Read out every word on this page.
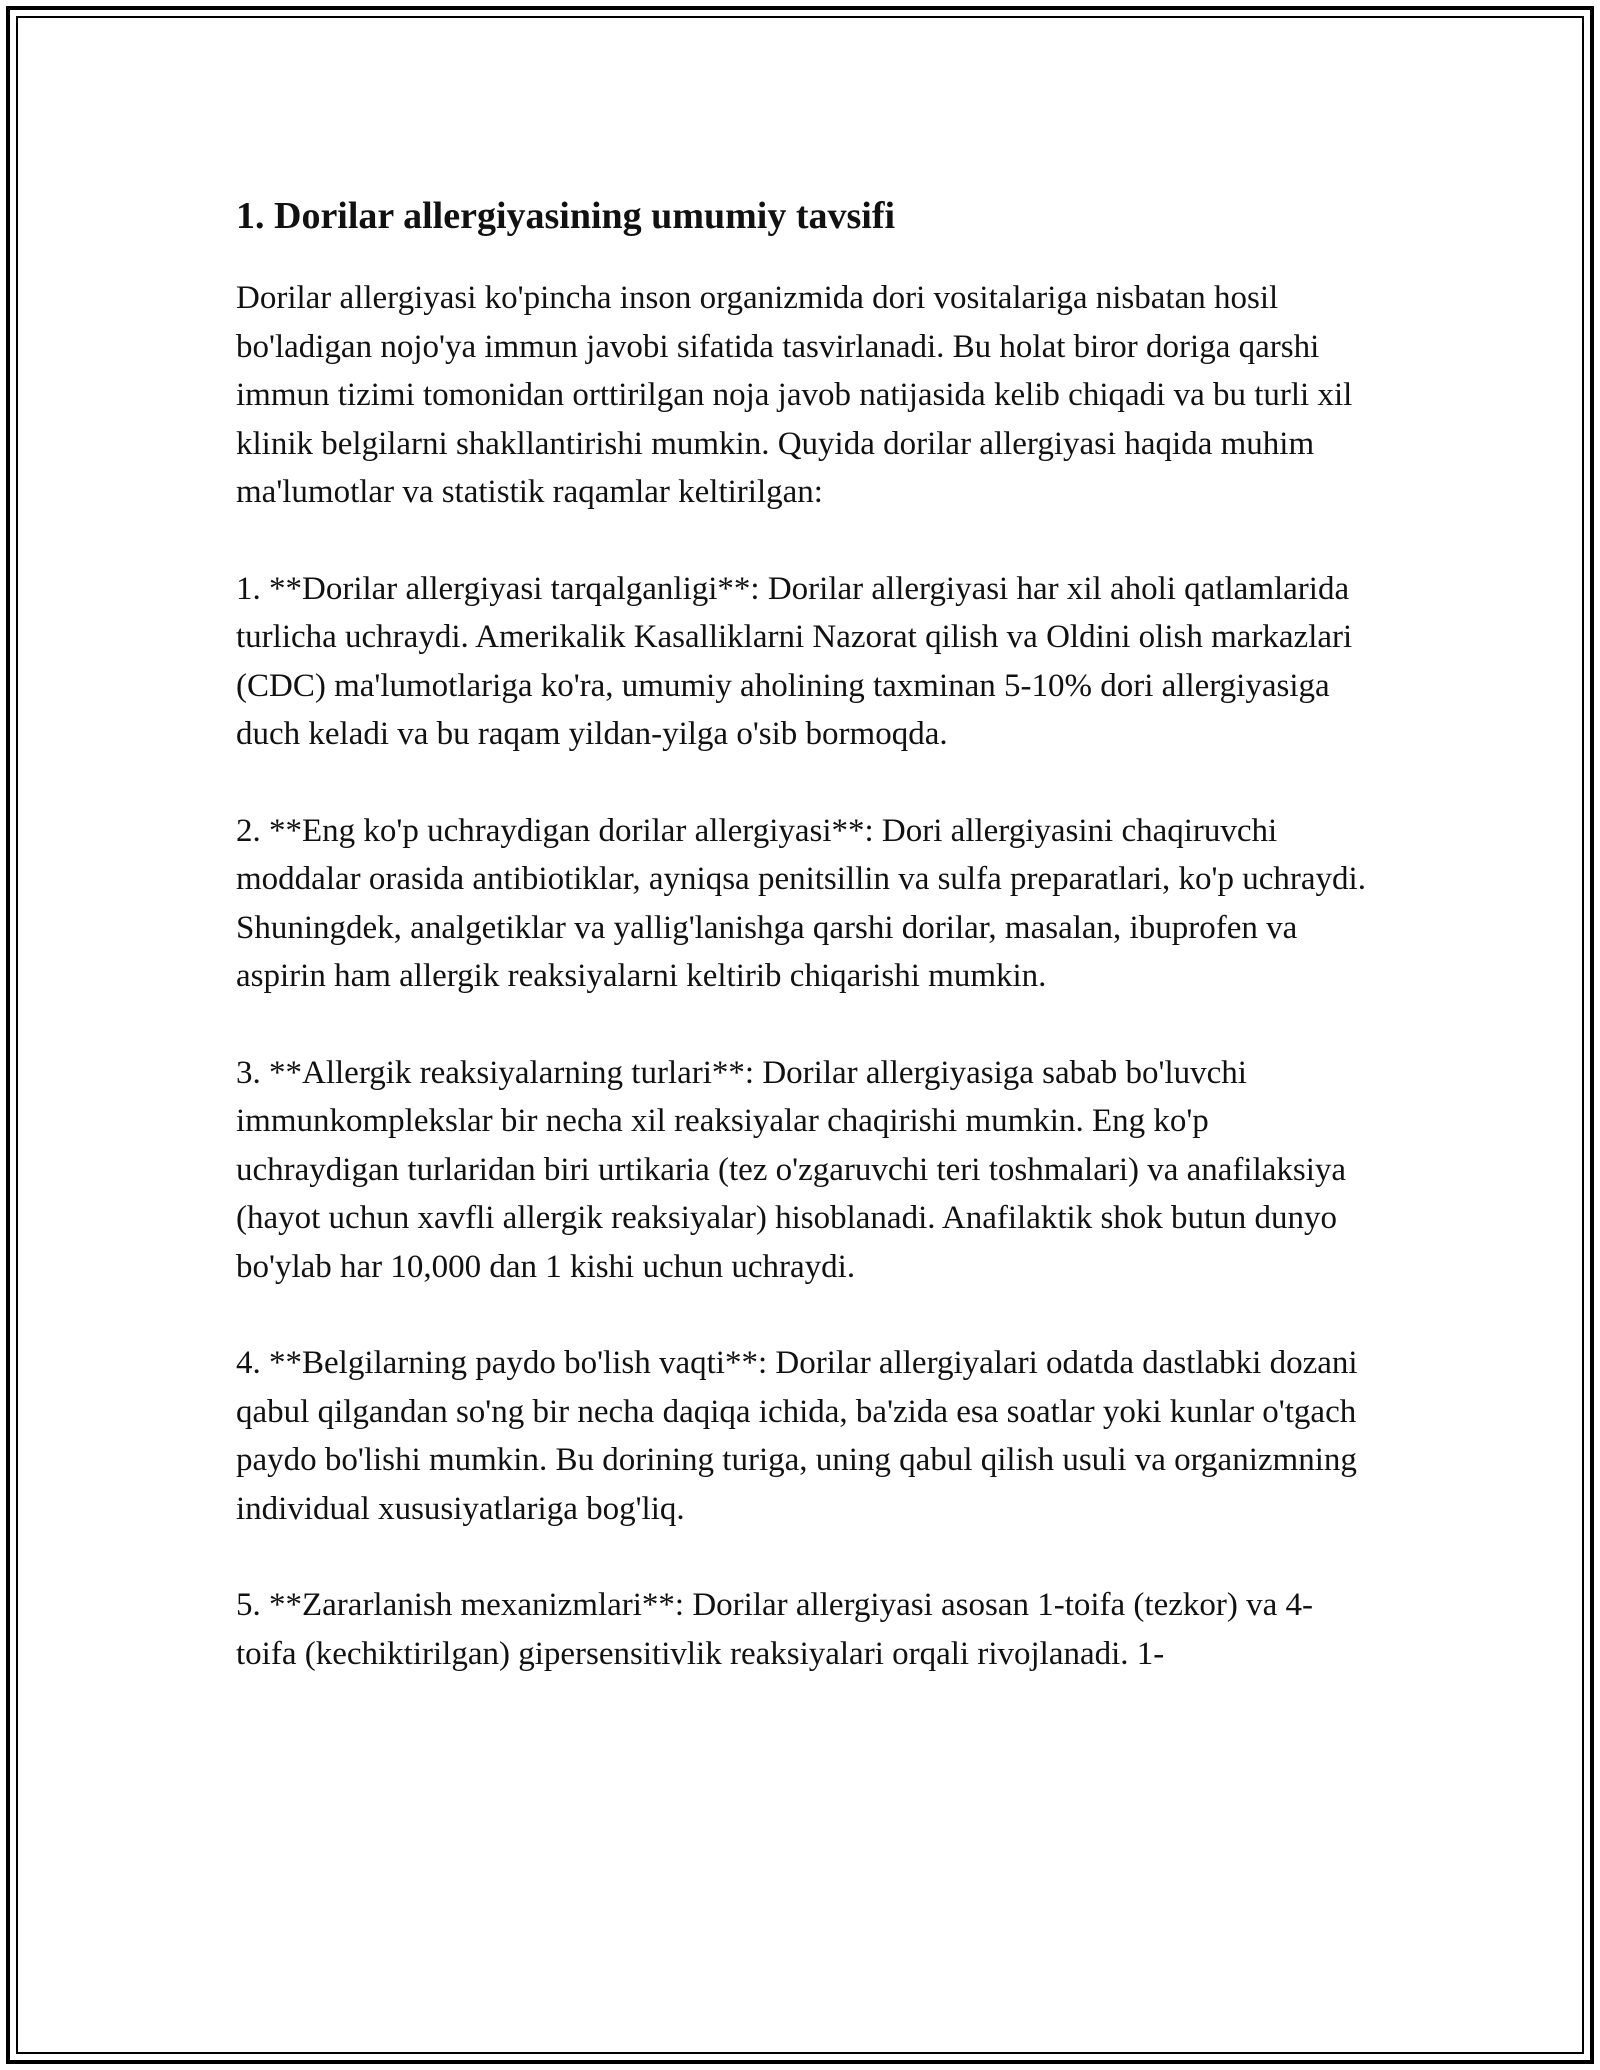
1. Dorilar allergiyasining umumiy tavsifi

Dorilar allergiyasi ko'pincha inson organizmida dori vositalariga nisbatan hosil bo'ladigan nojo'ya immun javobi sifatida tasvirlanadi. Bu holat biror doriga qarshi immun tizimi tomonidan orttirilgan noja javob natijasida kelib chiqadi va bu turli xil klinik belgilarni shakllantirishi mumkin. Quyida dorilar allergiyasi haqida muhim ma'lumotlar va statistik raqamlar keltirilgan:

1. **Dorilar allergiyasi tarqalganligi**: Dorilar allergiyasi har xil aholi qatlamlarida turlicha uchraydi. Amerikalik Kasalliklarni Nazorat qilish va Oldini olish markazlari (CDC) ma'lumotlariga ko'ra, umumiy aholining taxminan 5-10% dori allergiyasiga duch keladi va bu raqam yildan-yilga o'sib bormoqda.

2. **Eng ko'p uchraydigan dorilar allergiyasi**: Dori allergiyasini chaqiruvchi moddalar orasida antibiotiklar, ayniqsa penitsillin va sulfa preparatlari, ko'p uchraydi. Shuningdek, analgetiklar va yallig'lanishga qarshi dorilar, masalan, ibuprofen va aspirin ham allergik reaksiyalarni keltirib chiqarishi mumkin.

3. **Allergik reaksiyalarning turlari**: Dorilar allergiyasiga sabab bo'luvchi immunkomplekslar bir necha xil reaksiyalar chaqirishi mumkin. Eng ko'p uchraydigan turlaridan biri urtikaria (tez o'zgaruvchi teri toshmalari) va anafilaksiya (hayot uchun xavfli allergik reaksiyalar) hisoblanadi. Anafilaktik shok butun dunyo bo'ylab har 10,000 dan 1 kishi uchun uchraydi.

4. **Belgilarning paydo bo'lish vaqti**: Dorilar allergiyalari odatda dastlabki dozani qabul qilgandan so'ng bir necha daqiqa ichida, ba'zida esa soatlar yoki kunlar o'tgach paydo bo'lishi mumkin. Bu dorining turiga, uning qabul qilish usuli va organizmning individual xususiyatlariga bog'liq.

5. **Zararlanish mexanizmlari**: Dorilar allergiyasi asosan 1-toifa (tezkor) va 4-toifa (kechiktirilgan) gipersensitivlik reaksiyalari orqali rivojlanadi. 1-
